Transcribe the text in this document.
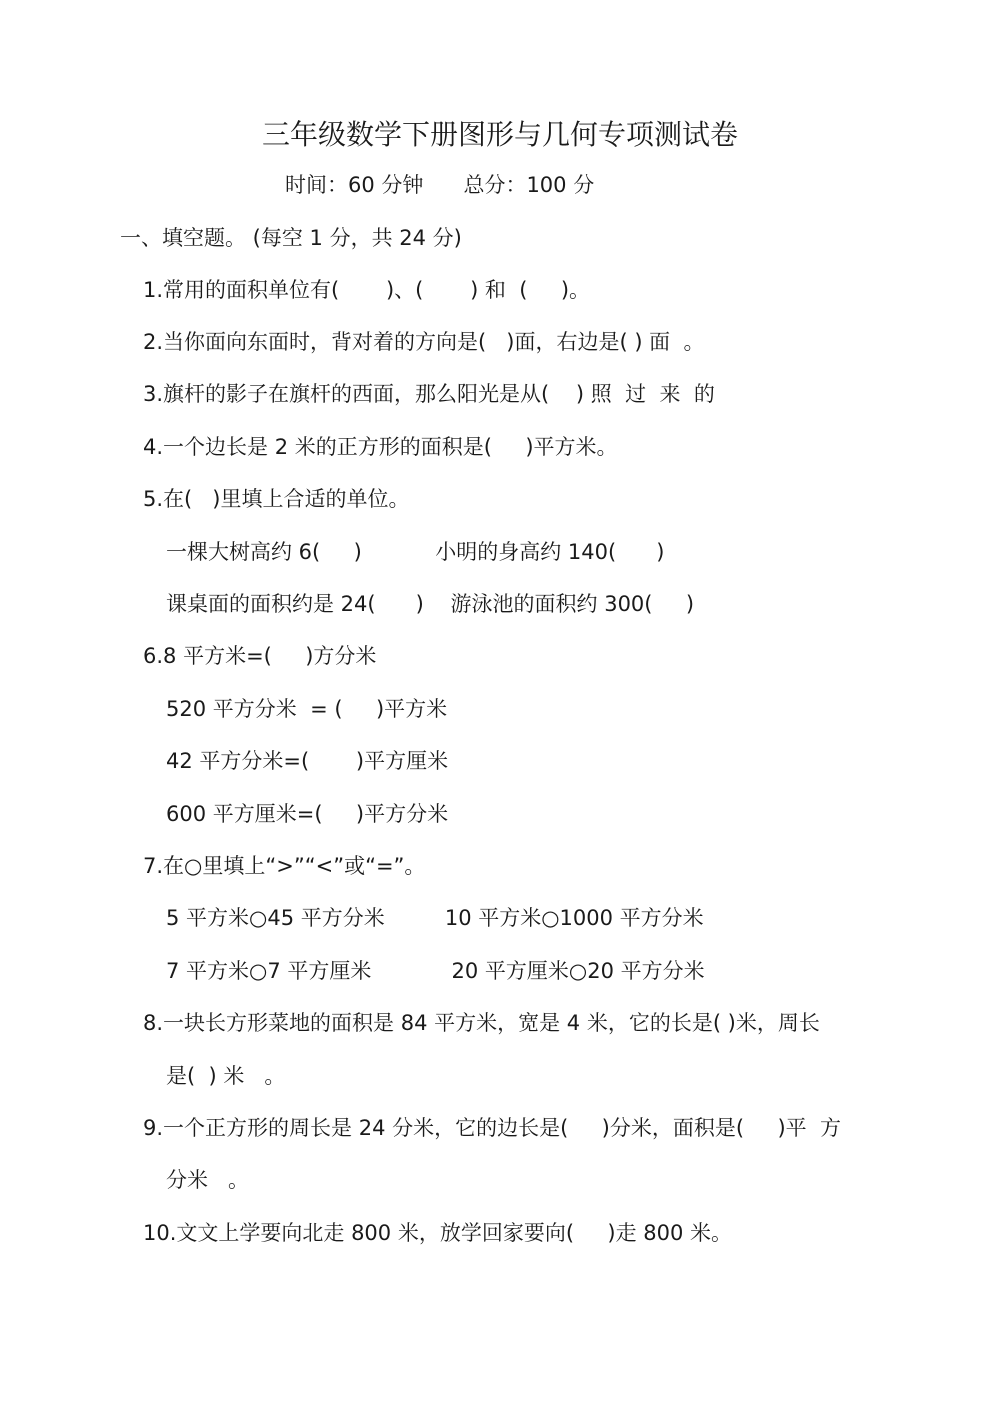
三年级数学下册图形与几何专项测试卷
时间：60 分钟      总分：100 分
一、填空题。 (每空 1 分，共 24 分)
1.常用的面积单位有(       )、(       ) 和  (     )。
2.当你面向东面时，背对着的方向是(   )面，右边是( ) 面  。
3.旗杆的影子在旗杆的西面，那么阳光是从(    ) 照  过  来  的
4.一个边长是 2 米的正方形的面积是(     )平方米。
5.在(   )里填上合适的单位。
一棵大树高约 6(     )           小明的身高约 140(      )
课桌面的面积约是 24(      )    游泳池的面积约 300(     )
6.8 平方米=(     )方分米
520 平方分米  = (     )平方米
42 平方分米=(       )平方厘米
600 平方厘米=(     )平方分米
7.在○里填上“>”“<”或“=”。
5 平方米○45 平方分米         10 平方米○1000 平方分米
7 平方米○7 平方厘米            20 平方厘米○20 平方分米
8.一块长方形菜地的面积是 84 平方米，宽是 4 米，它的长是( )米，周长
是(  ) 米   。
9.一个正方形的周长是 24 分米，它的边长是(     )分米，面积是(     )平  方
分米   。
10.文文上学要向北走 800 米，放学回家要向(     )走 800 米。
